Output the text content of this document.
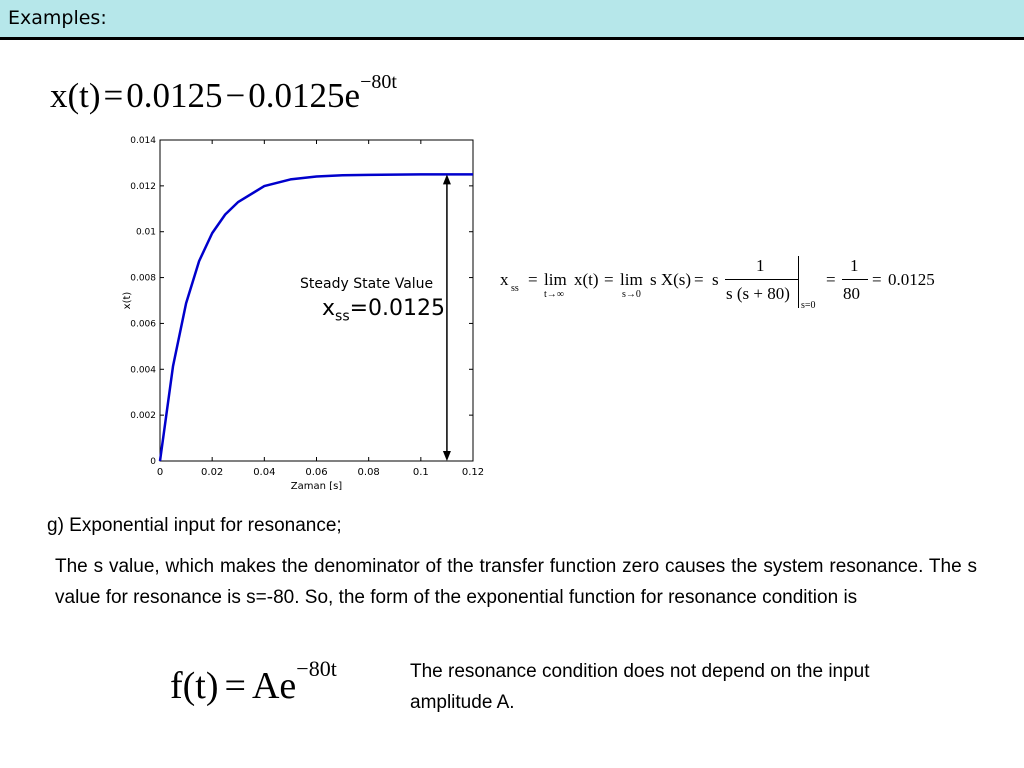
Examples:
$x(t)=0.0125-0.0125e^{-80t}$
0	0.02	0.04	0.06	0.08	0.1	0.12
0
0.002
0.004
0.006
0.008
0.01
0.012
0.014
Zaman [s]
x(t)
Steady State Value
$x_{ss}=0.0125$
x ss = lim
t→∞
x(t) = lim
s→0
s X(s) = s
1
s (s + 80)
s=0
=
1
80
= 0.0125
g) Exponential input for resonance;
The s value, which makes the denominator of the transfer function zero causes the system resonance. The s value for resonance is s=-80. So, the form of the exponential function for resonance condition is
$f(t) = Ae^{-80t}$	The resonance condition does not depend on the input amplitude A.
